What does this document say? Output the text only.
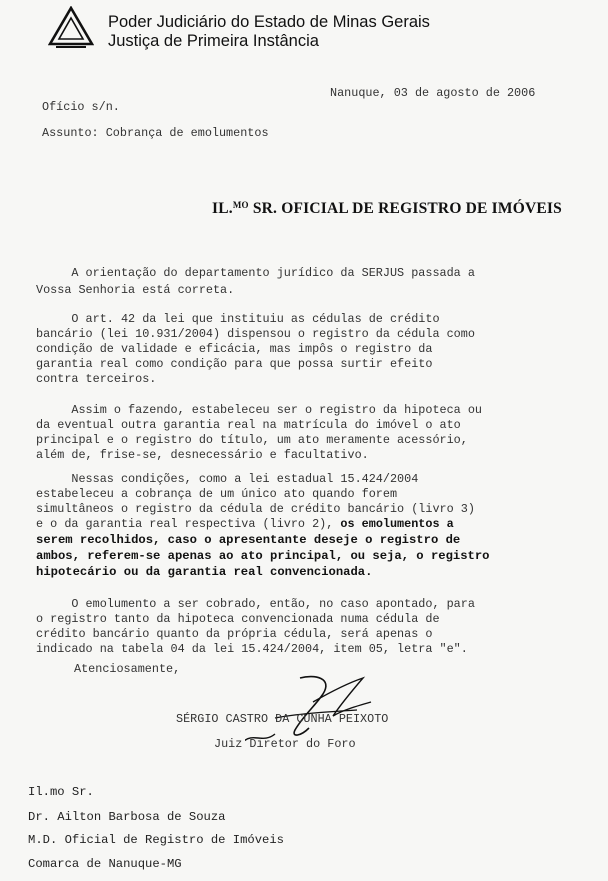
Poder Judiciário do Estado de Minas Gerais
Justiça de Primeira Instância
Nanuque, 03 de agosto de 2006
Ofício s/n.
Assunto: Cobrança de emolumentos
IL.$^{MO}$ SR. OFICIAL DE REGISTRO DE IMÓVEIS
A orientação do departamento jurídico da SERJUS passada a
Vossa Senhoria está correta.
O art. 42 da lei que instituiu as cédulas de crédito
bancário (lei 10.931/2004) dispensou o registro da cédula como
condição de validade e eficácia, mas impôs o registro da
garantia real como condição para que possa surtir efeito
contra terceiros.
Assim o fazendo, estabeleceu ser o registro da hipoteca ou
da eventual outra garantia real na matrícula do imóvel o ato
principal e o registro do título, um ato meramente acessório,
além de, frise-se, desnecessário e facultativo.
Nessas condições, como a lei estadual 15.424/2004
estabeleceu a cobrança de um único ato quando forem
simultâneos o registro da cédula de crédito bancário (livro 3)
e o da garantia real respectiva (livro 2), os emolumentos a
serem recolhidos, caso o apresentante deseje o registro de
ambos, referem-se apenas ao ato principal, ou seja, o registro
hipotecário ou da garantia real convencionada.
O emolumento a ser cobrado, então, no caso apontado, para
o registro tanto da hipoteca convencionada numa cédula de
crédito bancário quanto da própria cédula, será apenas o
indicado na tabela 04 da lei 15.424/2004, item 05, letra "e".
Atenciosamente,
SÉRGIO CASTRO DA CUNHA PEIXOTO
Juiz Diretor do Foro
Il.mo Sr.
Dr. Ailton Barbosa de Souza
M.D. Oficial de Registro de Imóveis
Comarca de Nanuque-MG
